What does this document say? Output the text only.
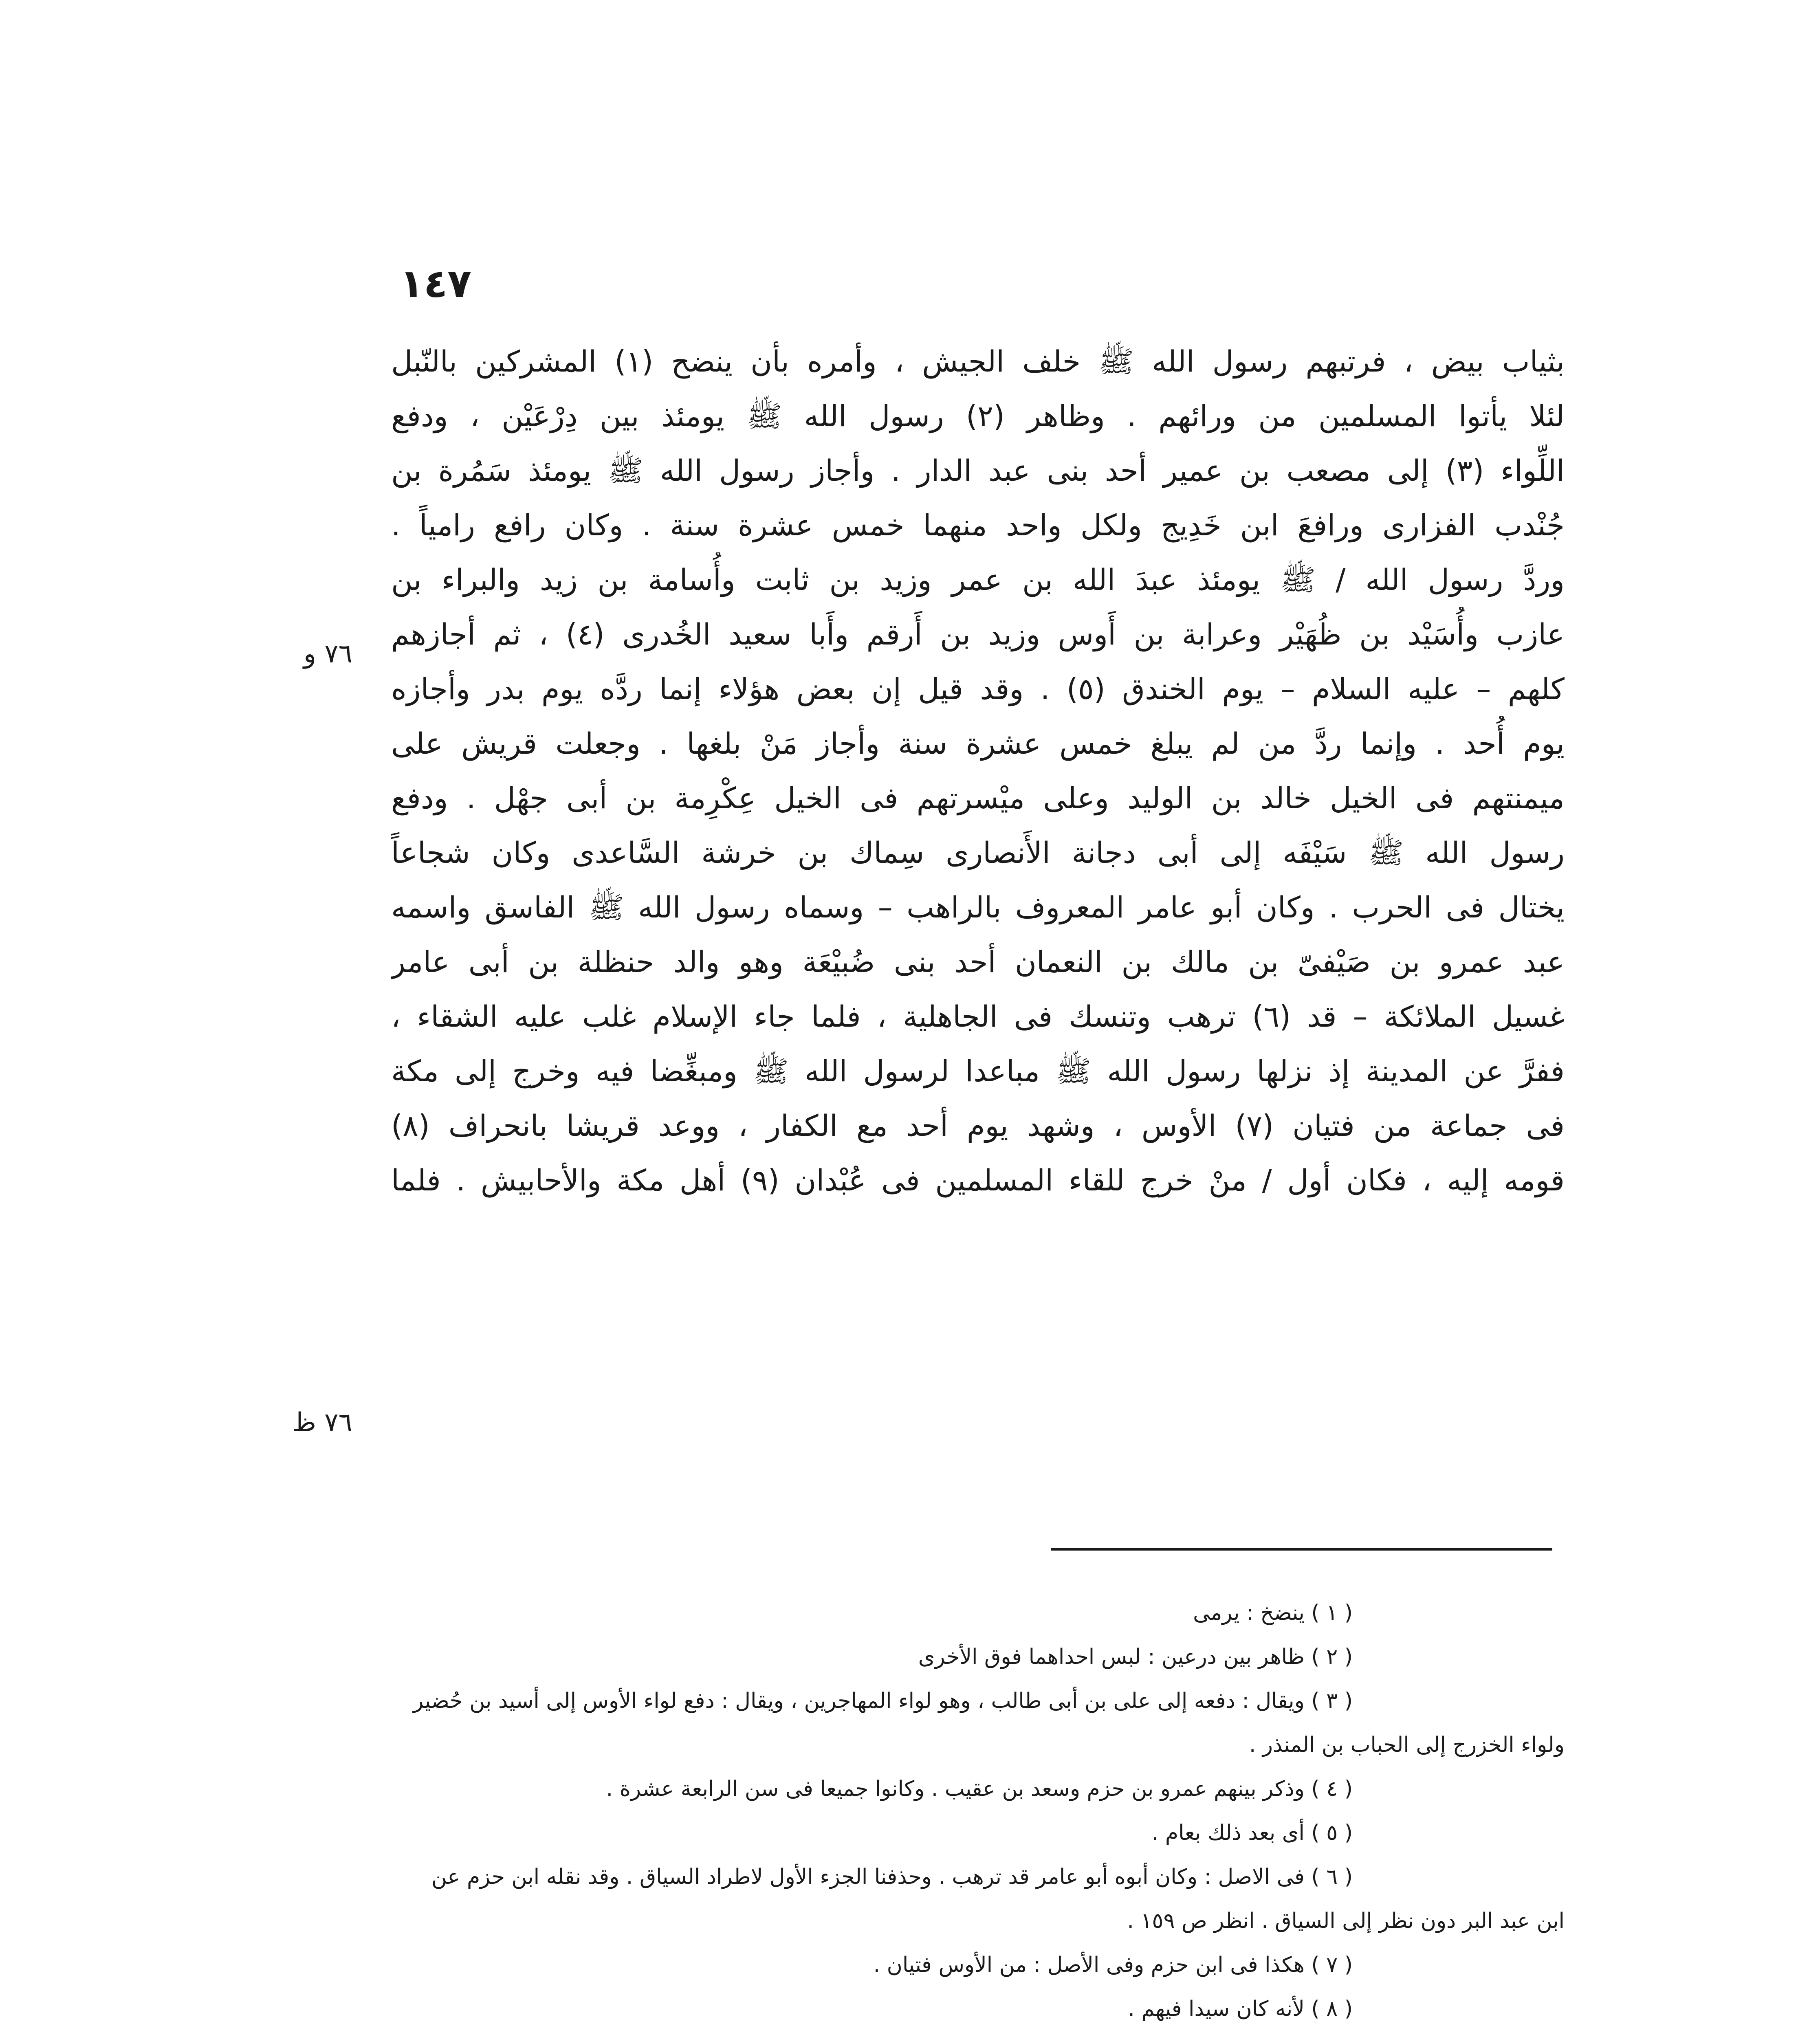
١٤٧
بثياب بيض ، فرتبهم رسول الله ﷺ خلف الجيش ، وأمره بأن ينضح (١) المشركين بالنّبل
لئلا يأتوا المسلمين من ورائهم . وظاهر (٢) رسول الله ﷺ يومئذ بين دِرْعَيْن ، ودفع
اللِّواء (٣) إلى مصعب بن عمير أحد بنى عبد الدار . وأجاز رسول الله ﷺ يومئذ سَمُرة بن
جُنْدب الفزارى ورافعَ ابن خَدِيج ولكل واحد منهما خمس عشرة سنة . وكان رافع رامياً .
وردَّ رسول الله / ﷺ يومئذ عبدَ الله بن عمر وزيد بن ثابت وأُسامة بن زيد والبراء بن
عازب وأُسَيْد بن ظُهَيْر وعرابة بن أَوس وزيد بن أَرقم وأَبا سعيد الخُدرى (٤) ، ثم أجازهم
كلهم – عليه السلام – يوم الخندق (٥) . وقد قيل إن بعض هؤلاء إنما ردَّه يوم بدر وأجازه
يوم أُحد . وإنما ردَّ من لم يبلغ خمس عشرة سنة وأجاز مَنْ بلغها . وجعلت قريش على
ميمنتهم فى الخيل خالد بن الوليد وعلى ميْسرتهم فى الخيل عِكْرِمة بن أبى جهْل . ودفع
رسول الله ﷺ سَيْفَه إلى أبى دجانة الأَنصارى سِماك بن خرشة السَّاعدى وكان شجاعاً
يختال فى الحرب . وكان أبو عامر المعروف بالراهب – وسماه رسول الله ﷺ الفاسق واسمه
عبد عمرو بن صَيْفىّ بن مالك بن النعمان أحد بنى ضُبيْعَة وهو والد حنظلة بن أبى عامر
غسيل الملائكة – قد (٦) ترهب وتنسك فى الجاهلية ، فلما جاء الإسلام غلب عليه الشقاء ،
ففرَّ عن المدينة إذ نزلها رسول الله ﷺ مباعدا لرسول الله ﷺ ومبغِّضا فيه وخرج إلى مكة
فى جماعة من فتيان (٧) الأوس ، وشهد يوم أحد مع الكفار ، ووعد قريشا بانحراف (٨)
قومه إليه ، فكان أول / منْ خرج للقاء المسلمين فى عُبْدان (٩) أهل مكة والأحابيش . فلما
٧٦ و
٧٦ ظ
( ١ ) ينضخ : يرمى
( ٢ ) ظاهر بين درعين : لبس احداهما فوق الأخرى
( ٣ ) ويقال : دفعه إلى على بن أبى طالب ، وهو لواء المهاجرين ، ويقال : دفع لواء الأوس إلى أسيد بن حُضير
ولواء الخزرج إلى الحباب بن المنذر .
( ٤ ) وذكر بينهم عمرو بن حزم وسعد بن عقيب . وكانوا جميعا فى سن الرابعة عشرة .
( ٥ ) أى بعد ذلك بعام .
( ٦ ) فى الاصل : وكان أبوه أبو عامر قد ترهب . وحذفنا الجزء الأول لاطراد السياق . وقد نقله ابن حزم عن
ابن عبد البر دون نظر إلى السياق . انظر ص ١٥٩ .
( ٧ ) هكذا فى ابن حزم وفى الأصل : من الأوس فتيان .
( ٨ ) لأنه كان سيدا فيهم .
